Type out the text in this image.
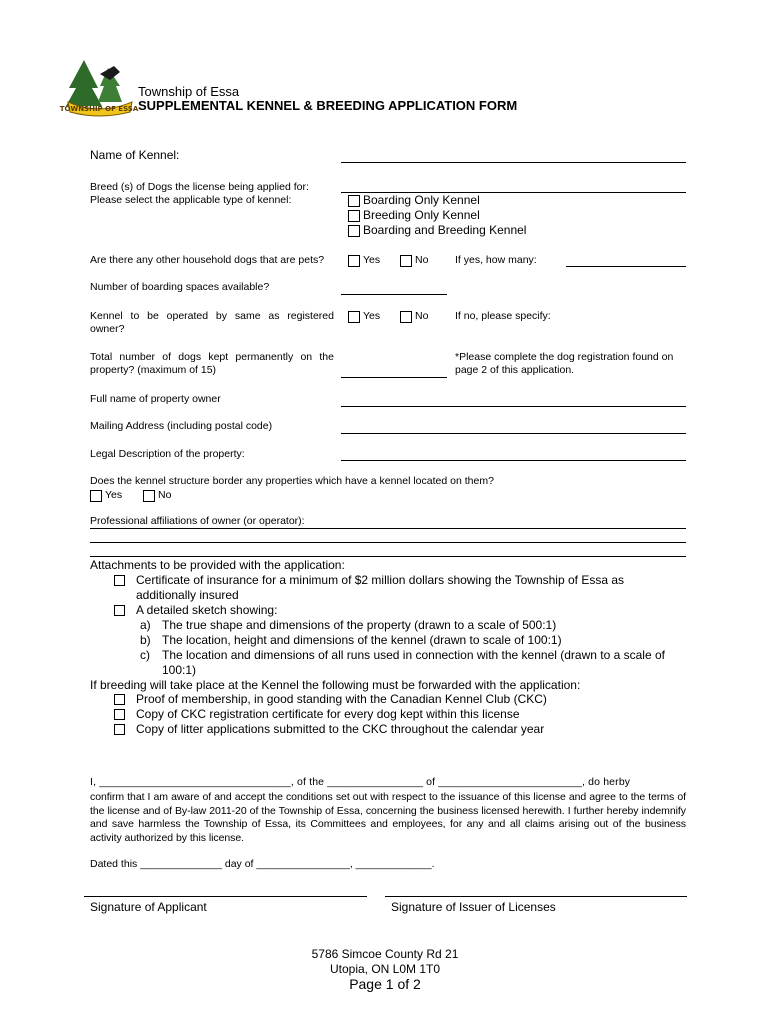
TOWNSHIP OF ESSA
Township of Essa
SUPPLEMENTAL KENNEL & BREEDING APPLICATION FORM
Name of Kennel:
Breed (s) of Dogs the license being applied for:
Please select the applicable type of kennel:	Boarding Only Kennel
Breeding Only Kennel
Boarding and Breeding Kennel
Are there any other household dogs that are pets?	Yes	No	If yes, how many:
Number of boarding spaces available?
Kennel to be operated by same as registered owner?
Yes	No	If no, please specify:
Total number of dogs kept permanently on the property? (maximum of 15)
*Please complete the dog registration found on page 2 of this application.
Full name of property owner
Mailing Address (including postal code)
Legal Description of the property:
Does the kennel structure border any properties which have a kennel located on them?
Yes	No
Professional affiliations of owner (or operator):
Attachments to be provided with the application:
Certificate of insurance for a minimum of $2 million dollars showing the Township of Essa as additionally insured
A detailed sketch showing:
a) The true shape and dimensions of the property (drawn to a scale of 500:1)
b) The location, height and dimensions of the kennel (drawn to scale of 100:1)
c) The location and dimensions of all runs used in connection with the kennel (drawn to a scale of 100:1)
If breeding will take place at the Kennel the following must be forwarded with the application:
Proof of membership, in good standing with the Canadian Kennel Club (CKC)
Copy of CKC registration certificate for every dog kept within this license
Copy of litter applications submitted to the CKC throughout the calendar year
I, ________________________________, of the ________________ of ________________________, do herby
confirm that I am aware of and accept the conditions set out with respect to the issuance of this license and agree to the terms of the license and of By-law 2011-20 of the Township of Essa, concerning the business licensed herewith. I further hereby indemnify and save harmless the Township of Essa, its Committees and employees, for any and all claims arising out of the business activity authorized by this license.
Dated this ______________ day of ________________, _____________.
Signature of Applicant	Signature of Issuer of Licenses
5786 Simcoe County Rd 21
Utopia, ON L0M 1T0
Page 1 of 2
